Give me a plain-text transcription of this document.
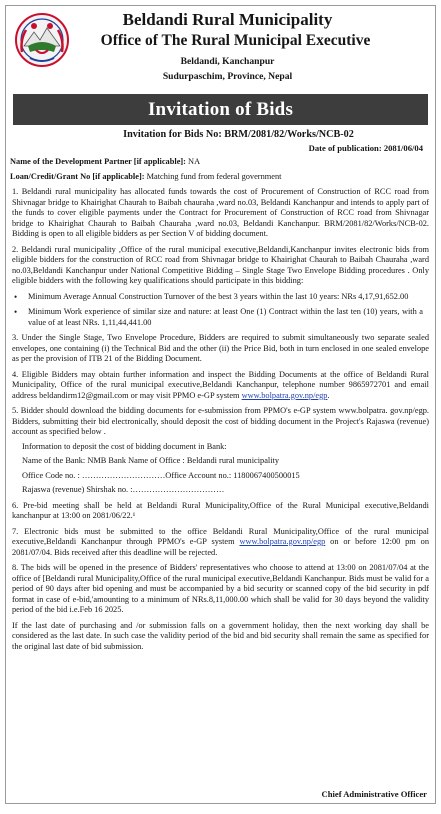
Beldandi Rural Municipality
Office of The Rural Municipal Executive
Beldandi, Kanchanpur
Sudurpaschim, Province, Nepal
Invitation of Bids
Invitation for Bids No: BRM/2081/82/Works/NCB-02
Date of publication: 2081/06/04
Name of the Development Partner [if applicable]: NA
Loan/Credit/Grant No [if applicable]: Matching fund from federal government
1. Beldandi rural municipality has allocated funds towards the cost of Procurement of Construction of RCC road from Shivnagar bridge to Khairighat Chaurah to Baibah chauraha ,ward no.03, Beldandi Kanchanpur and intends to apply part of the funds to cover eligible payments under the Contract for Procurement of Construction of RCC road from Shivnagar bridge to Khairighat Chaurah to Baibah Chauraha ,ward no.03, Beldandi Kanchanpur. BRM/2081/82/Works/NCB-02. Bidding is open to all eligible bidders as per Section V of bidding document.
2. Beldandi rural municipality ,Office of the rural municipal executive,Beldandi,Kanchanpur invites electronic bids from eligible bidders for the construction of RCC road from Shivnagar bridge to Khairighat Chaurah to Baibah Chauraha ,ward no.03,Beldandi Kanchanpur under National Competitive Bidding – Single Stage Two Envelope Bidding procedures . Only eligible bidders with the following key qualifications should participate in this bidding:
• Minimum Average Annual Construction Turnover of the best 3 years within the last 10 years: NRs 4,17,91,652.00
• Minimum Work experience of similar size and nature: at least One (1) Contract within the last ten (10) years, with a value of at least NRs. 1,11,44,441.00
3. Under the Single Stage, Two Envelope Procedure, Bidders are required to submit simultaneously two separate sealed envelopes, one containing (i) the Technical Bid and the other (ii) the Price Bid, both in turn enclosed in one sealed envelope as per the provision of ITB 21 of the Bidding Document.
4. Eligible Bidders may obtain further information and inspect the Bidding Documents at the office of Beldandi Rural Municipality, Office of the rural municipal executive,Beldandi Kanchanpur, telephone number 9865972701 and email address beldandirm12@gmail.com or may visit PPMO e-GP system www.bolpatra.gov.np/egp.
5. Bidder should download the bidding documents for e-submission from PPMO's e-GP system www.bolpatra. gov.np/egp. Bidders, submitting their bid electronically, should deposit the cost of bidding document in the Project's Rajaswa (revenue) account as specified below .
Information to deposit the cost of bidding document in Bank:
Name of the Bank: NMB Bank Name of Office : Beldandi rural municipality
Office Code no. : …………………………Office Account no.: 1180067400500015
Rajaswa (revenue) Shirshak no. :……………………………
6. Pre-bid meeting shall be held at Beldandi Rural Municipality,Office of the Rural Municipal executive,Beldandi kanchanpur at 13:00 on 2081/06/22.¹
7. Electronic bids must be submitted to the office Beldandi Rural Municipality,Office of the rural municipal executive,Beldandi Kanchanpur through PPMO's e-GP system www.bolpatra.gov.np/egp on or before 12:00 pm on 2081/07/04. Bids received after this deadline will be rejected.
8. The bids will be opened in the presence of Bidders' representatives who choose to attend at 13:00 on 2081/07/04 at the office of [Beldandi rural Municipality,Office of the rural municipal executive,Beldandi Kanchanpur. Bids must be valid for a period of 90 days after bid opening and must be accompanied by a bid security or scanned copy of the bid security in pdf format in case of e-bid,'amounting to a minimum of NRs.8,11,000.00 which shall be valid for 30 days beyond the validity period of the bid i.e.Feb 16 2025.
If the last date of purchasing and /or submission falls on a government holiday, then the next working day shall be considered as the last date. In such case the validity period of the bid and bid security shall remain the same as specified for the original last date of bid submission.
Chief Administrative Officer
